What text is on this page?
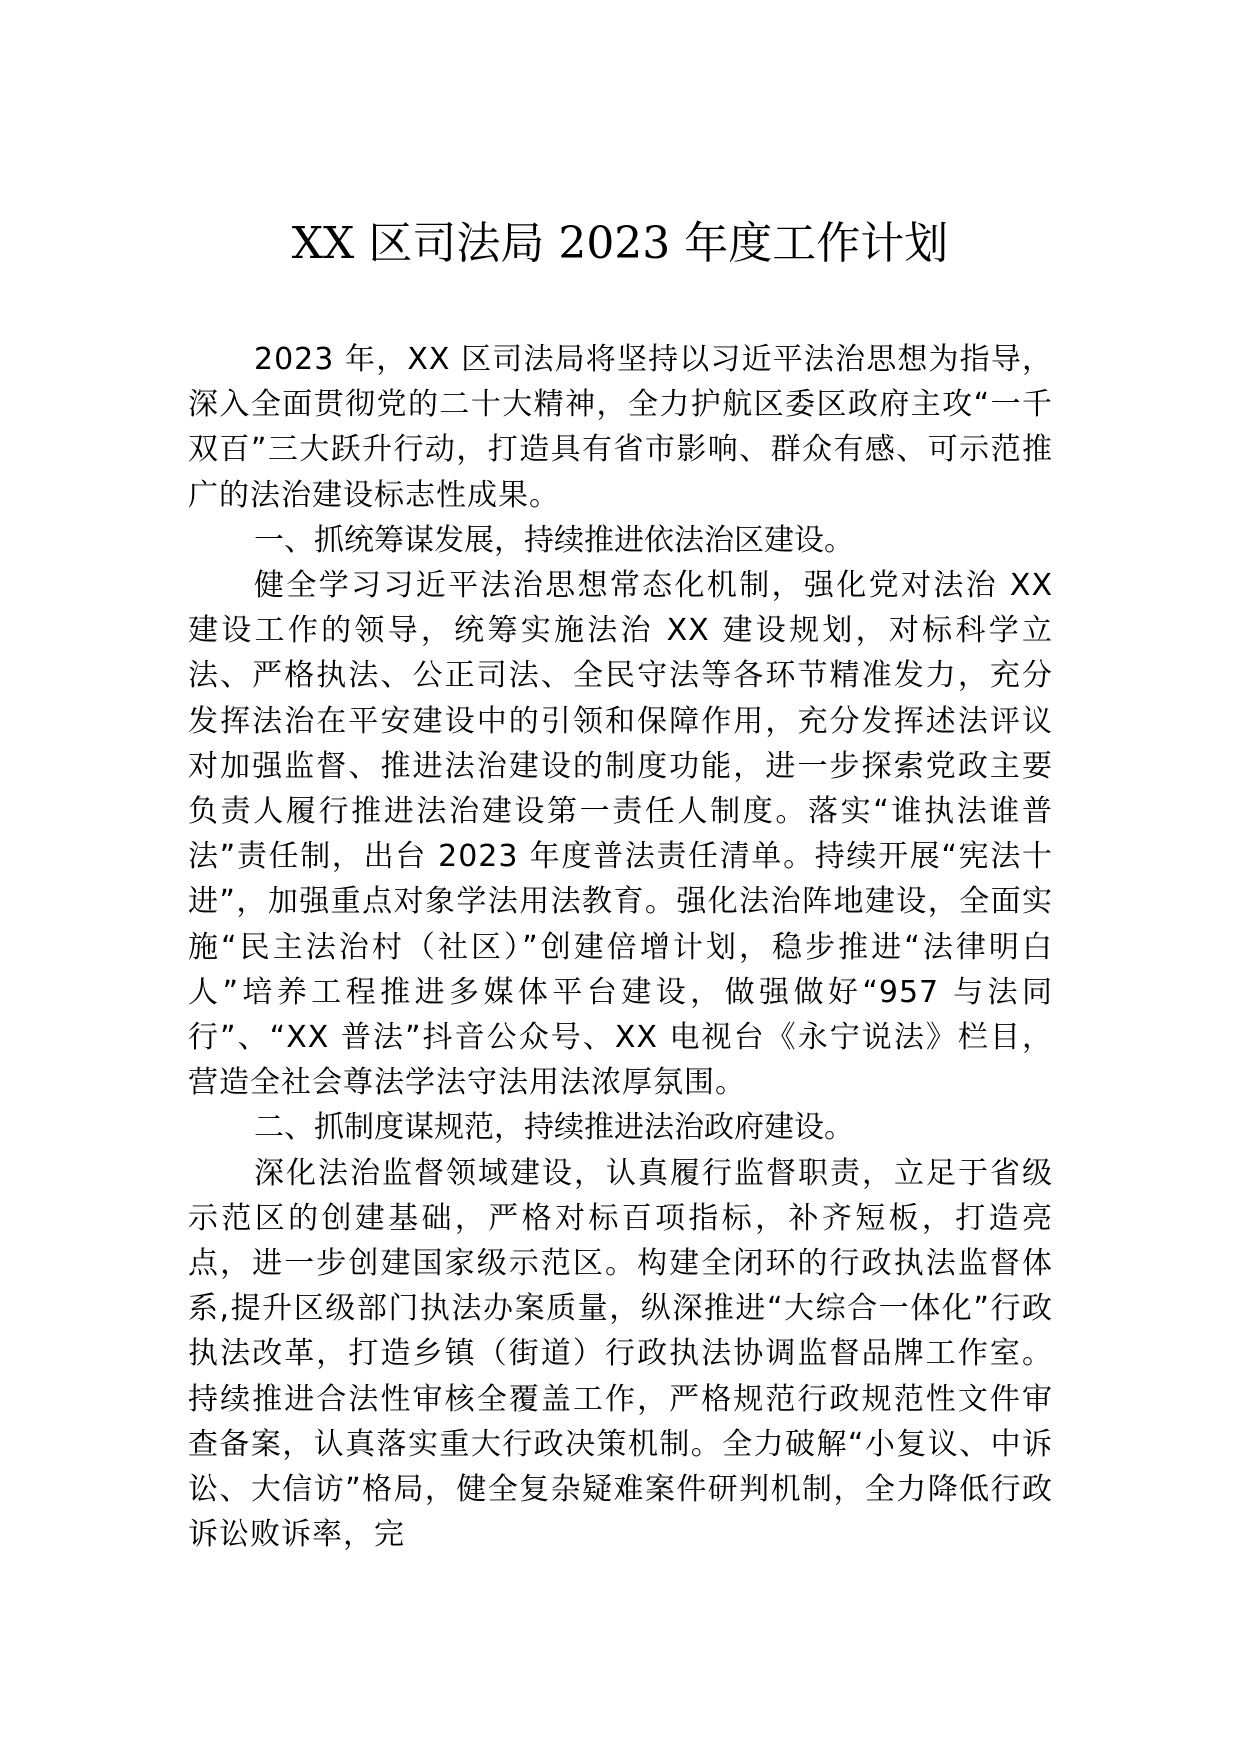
XX 区司法局 2023 年度工作计划

2023 年，XX 区司法局将坚持以习近平法治思想为指导，深入全面贯彻党的二十大精神，全力护航区委区政府主攻“一千双百”三大跃升行动，打造具有省市影响、群众有感、可示范推广的法治建设标志性成果。

一、抓统筹谋发展，持续推进依法治区建设。

健全学习习近平法治思想常态化机制，强化党对法治 XX 建设工作的领导，统筹实施法治 XX 建设规划，对标科学立法、严格执法、公正司法、全民守法等各环节精准发力，充分发挥法治在平安建设中的引领和保障作用，充分发挥述法评议对加强监督、推进法治建设的制度功能，进一步探索党政主要负责人履行推进法治建设第一责任人制度。落实“谁执法谁普法”责任制，出台 2023 年度普法责任清单。持续开展“宪法十进”，加强重点对象学法用法教育。强化法治阵地建设，全面实施“民主法治村（社区）”创建倍增计划，稳步推进“法律明白人”培养工程推进多媒体平台建设，做强做好“957 与法同行”、“XX 普法”抖音公众号、XX 电视台《永宁说法》栏目，营造全社会尊法学法守法用法浓厚氛围。

二、抓制度谋规范，持续推进法治政府建设。

深化法治监督领域建设，认真履行监督职责，立足于省级示范区的创建基础，严格对标百项指标，补齐短板，打造亮点，进一步创建国家级示范区。构建全闭环的行政执法监督体系,提升区级部门执法办案质量，纵深推进“大综合一体化”行政执法改革，打造乡镇（街道）行政执法协调监督品牌工作室。持续推进合法性审核全覆盖工作，严格规范行政规范性文件审查备案，认真落实重大行政决策机制。全力破解“小复议、中诉讼、大信访”格局，健全复杂疑难案件研判机制，全力降低行政诉讼败诉率，完
